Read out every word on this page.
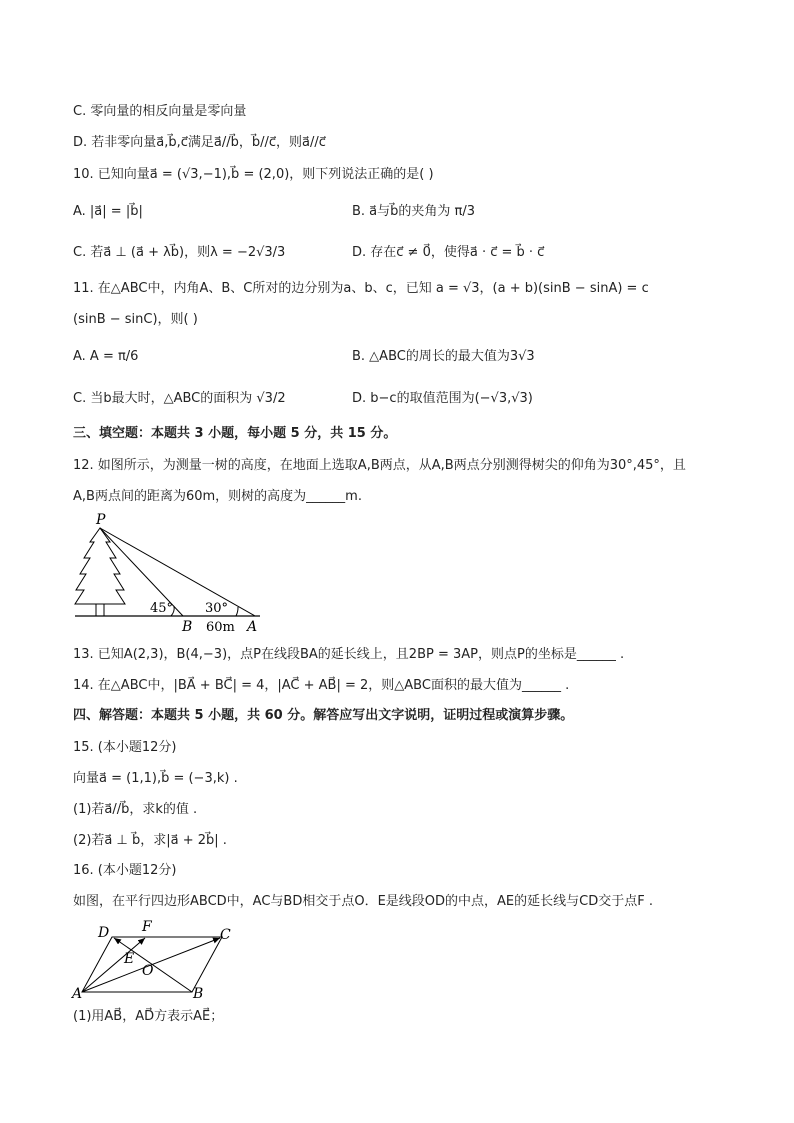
C. 零向量的相反向量是零向量
D. 若非零向量a⃗,b⃗,c⃗满足a⃗//b⃗，b⃗//c⃗，则a⃗//c⃗
10. 已知向量a⃗ = (√3,−1),b⃗ = (2,0)，则下列说法正确的是( )
A. |a⃗| = |b⃗|	B. a⃗与b⃗的夹角为 π/3
C. 若a⃗ ⊥ (a⃗ + λb⃗)，则λ = −2√3/3	D. 存在c⃗ ≠ 0⃗，使得a⃗ · c⃗ = b⃗ · c⃗
11. 在△ABC中，内角A、B、C所对的边分别为a、b、c，已知 a = √3，(a + b)(sinB − sinA) = c
(sinB − sinC)，则( )
A. A = π/6	B. △ABC的周长的最大值为3√3
C. 当b最大时，△ABC的面积为 √3/2	D. b−c的取值范围为(−√3,√3)
三、填空题：本题共 3 小题，每小题 5 分，共 15 分。
12. 如图所示，为测量一树的高度，在地面上选取A,B两点，从A,B两点分别测得树尖的仰角为30°,45°，且
A,B两点间的距离为60m，则树的高度为______m.
P
B	A
45° 30°
60m
13. 已知A(2,3)，B(4,−3)，点P在线段BA的延长线上，且2BP = 3AP，则点P的坐标是______ .
14. 在△ABC中，|BA⃗ + BC⃗| = 4，|AC⃗ + AB⃗| = 2，则△ABC面积的最大值为______ .
四、解答题：本题共 5 小题，共 60 分。解答应写出文字说明，证明过程或演算步骤。
15. (本小题12分)
向量a⃗ = (1,1),b⃗ = (−3,k) .
(1)若a⃗//b⃗，求k的值 .
(2)若a⃗ ⊥ b⃗，求|a⃗ + 2b⃗| .
16. (本小题12分)
如图，在平行四边形ABCD中，AC与BD相交于点O．E是线段OD的中点，AE的延长线与CD交于点F .
D F	C
E
O
A	B
(1)用AB⃗，AD⃗方表示AE⃗；
